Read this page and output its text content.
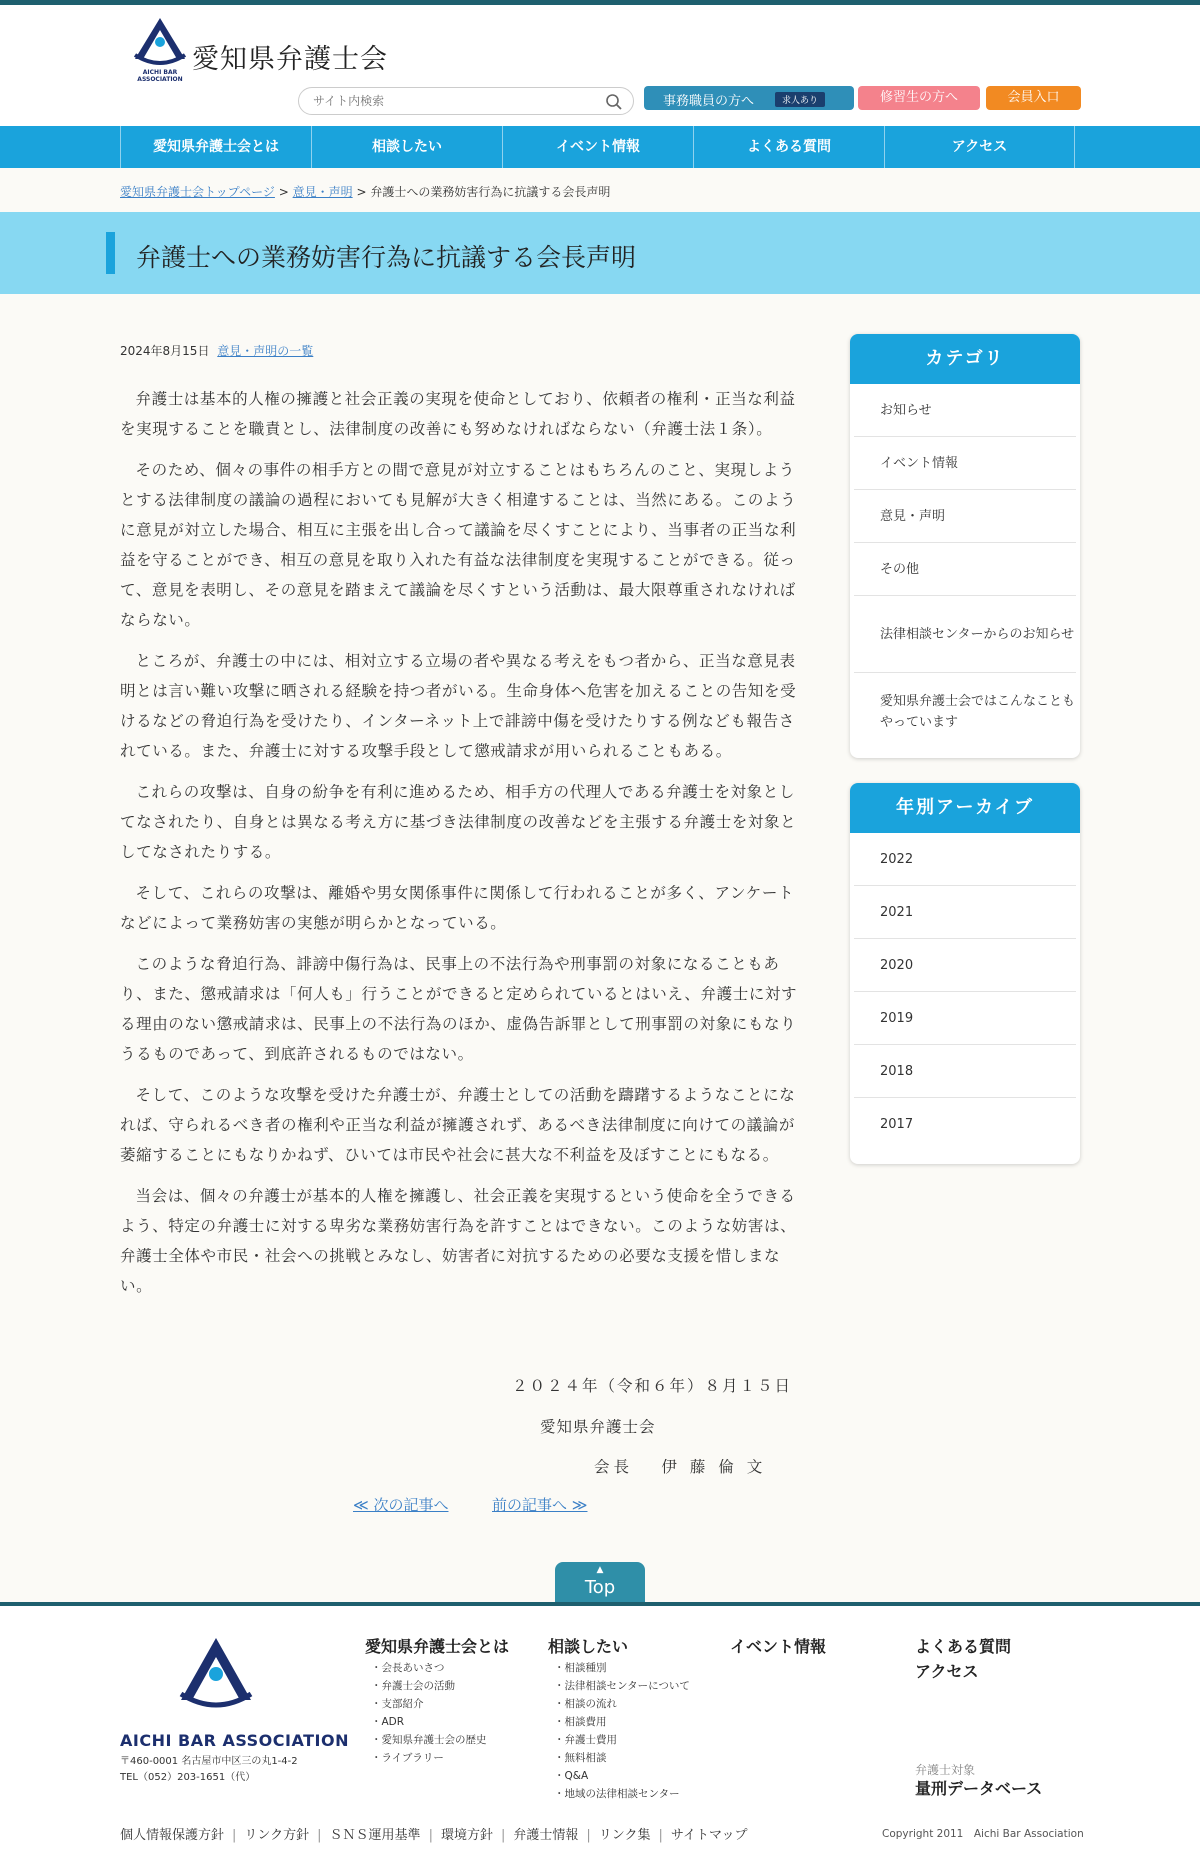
AICHI BAR ASSOCIATION
愛知県弁護士会
サイト内検索
事務職員の方へ	求人あり	修習生の方へ	会員入口
愛知県弁護士会とは	相談したい	イベント情報	よくある質問	アクセス
愛知県弁護士会トップページ > 意見・声明 > 弁護士への業務妨害行為に抗議する会長声明
弁護士への業務妨害行為に抗議する会長声明
2024年8月15日 意見・声明の一覧

弁護士は基本的人権の擁護と社会正義の実現を使命としており、依頼者の権利・正当な利益を実現することを職責とし、法律制度の改善にも努めなければならない（弁護士法１条）。

そのため、個々の事件の相手方との間で意見が対立することはもちろんのこと、実現しようとする法律制度の議論の過程においても見解が大きく相違することは、当然にある。このように意見が対立した場合、相互に主張を出し合って議論を尽くすことにより、当事者の正当な利益を守ることができ、相互の意見を取り入れた有益な法律制度を実現することができる。従って、意見を表明し、その意見を踏まえて議論を尽くすという活動は、最大限尊重されなければならない。

ところが、弁護士の中には、相対立する立場の者や異なる考えをもつ者から、正当な意見表明とは言い難い攻撃に晒される経験を持つ者がいる。生命身体へ危害を加えることの告知を受けるなどの脅迫行為を受けたり、インターネット上で誹謗中傷を受けたりする例なども報告されている。また、弁護士に対する攻撃手段として懲戒請求が用いられることもある。

これらの攻撃は、自身の紛争を有利に進めるため、相手方の代理人である弁護士を対象としてなされたり、自身とは異なる考え方に基づき法律制度の改善などを主張する弁護士を対象としてなされたりする。

そして、これらの攻撃は、離婚や男女関係事件に関係して行われることが多く、アンケートなどによって業務妨害の実態が明らかとなっている。

このような脅迫行為、誹謗中傷行為は、民事上の不法行為や刑事罰の対象になることもあり、また、懲戒請求は「何人も」行うことができると定められているとはいえ、弁護士に対する理由のない懲戒請求は、民事上の不法行為のほか、虚偽告訴罪として刑事罰の対象にもなりうるものであって、到底許されるものではない。

そして、このような攻撃を受けた弁護士が、弁護士としての活動を躊躇するようなことになれば、守られるべき者の権利や正当な利益が擁護されず、あるべき法律制度に向けての議論が萎縮することにもなりかねず、ひいては市民や社会に甚大な不利益を及ぼすことにもなる。

当会は、個々の弁護士が基本的人権を擁護し、社会正義を実現するという使命を全うできるよう、特定の弁護士に対する卑劣な業務妨害行為を許すことはできない。このような妨害は、弁護士全体や市民・社会への挑戦とみなし、妨害者に対抗するための必要な支援を惜しまない。

２０２４年（令和６年）８月１５日
愛知県弁護士会
会長　 伊 藤 倫 文
≪ 次の記事へ	前の記事へ ≫
カテゴリ
お知らせ
イベント情報
意見・声明
その他
法律相談センターからのお知らせ
愛知県弁護士会ではこんなこともやっています
年別アーカイブ
2022
2021
2020
2019
2018
2017
▲
Top
AICHI BAR ASSOCIATION
〒460-0001 名古屋市中区三の丸1-4-2
TEL（052）203-1651（代）
愛知県弁護士会とは
・会長あいさつ
・弁護士会の活動
・支部紹介
・ADR
・愛知県弁護士会の歴史
・ライブラリー
相談したい
・相談種別
・法律相談センターについて
・相談の流れ
・相談費用
・弁護士費用
・無料相談
・Q&A
・地域の法律相談センター
イベント情報	よくある質問
アクセス
弁護士対象
量刑データベース
個人情報保護方針 | リンク方針 | ＳＮＳ運用基準 | 環境方針 | 弁護士情報 | リンク集 | サイトマップ	Copyright 2011　Aichi Bar Association
